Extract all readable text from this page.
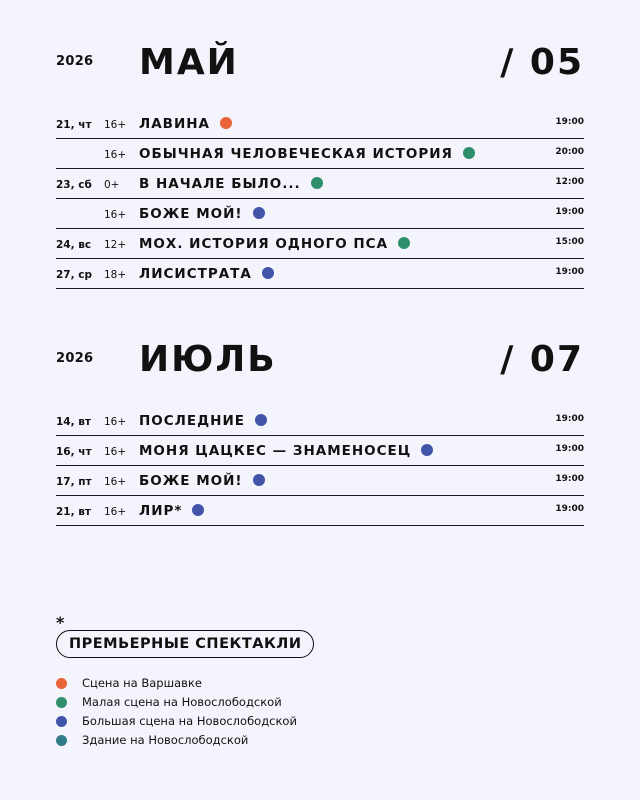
2026 МАЙ	/ 05
21, чт 16+ ЛАВИНА	19:00
16+ ОБЫЧНАЯ ЧЕЛОВЕЧЕСКАЯ ИСТОРИЯ	20:00
23, сб 0+ В НАЧАЛЕ БЫЛО...	12:00
16+ БОЖЕ МОЙ!	19:00
24, вс 12+ МОХ. ИСТОРИЯ ОДНОГО ПСА	15:00
27, ср 18+ ЛИСИСТРАТА	19:00
2026 ИЮЛЬ	/ 07
14, вт 16+ ПОСЛЕДНИЕ	19:00
16, чт 16+ МОНЯ ЦАЦКЕС — ЗНАМЕНОСЕЦ	19:00
17, пт 16+ БОЖЕ МОЙ!	19:00
21, вт 16+ ЛИР*	19:00
*
ПРЕМЬЕРНЫЕ СПЕКТАКЛИ
Сцена на Варшавке
Малая сцена на Новослободской
Большая сцена на Новослободской
Здание на Новослободской
